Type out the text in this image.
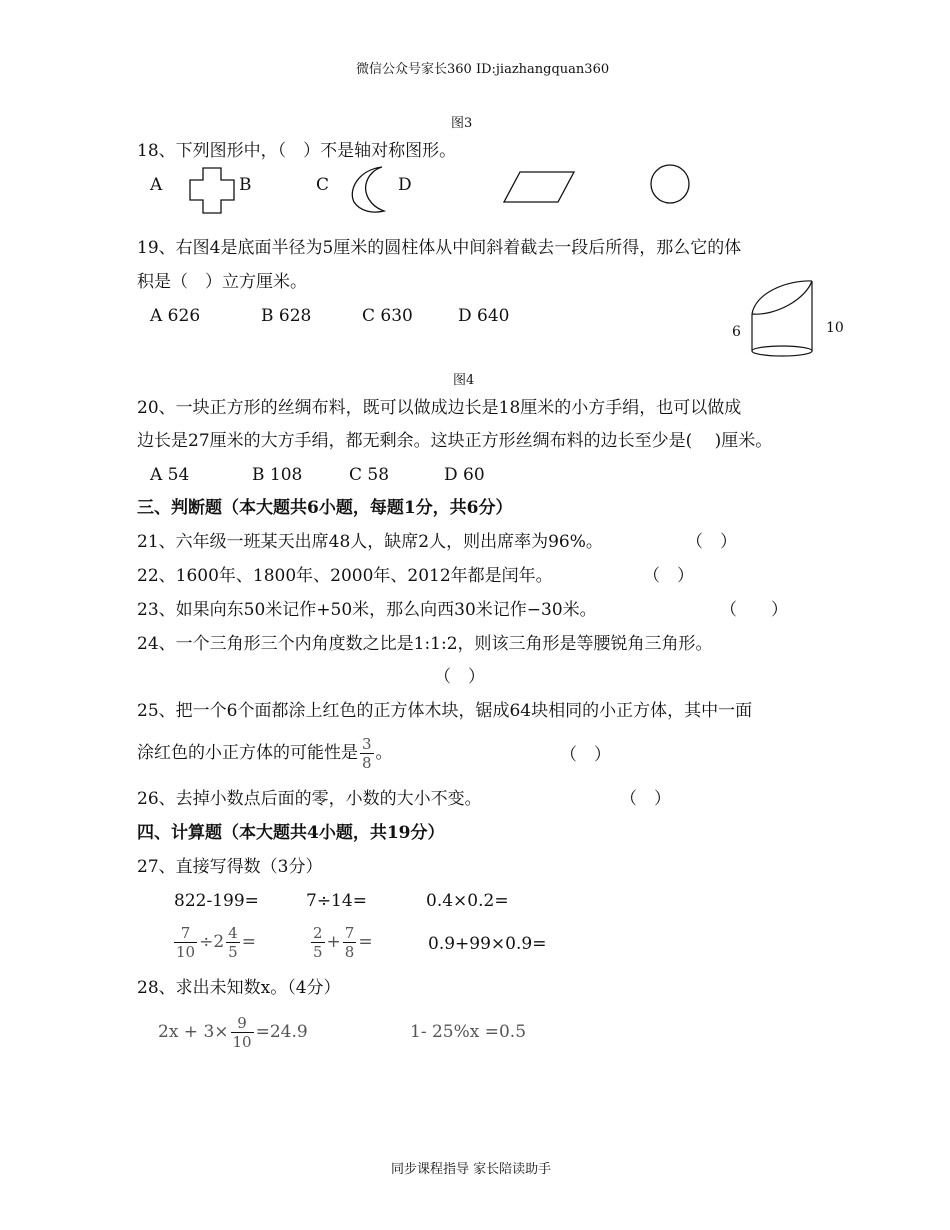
微信公众号家长360 ID:jiazhangquan360
图3
18、下列图形中，（　）不是轴对称图形。
A	B	C	D
19、右图4是底面半径为5厘米的圆柱体从中间斜着截去一段后所得，那么它的体
积是（　）立方厘米。
A 626	B 628	C 630	D 640
6	10
图4
20、一块正方形的丝绸布料，既可以做成边长是18厘米的小方手绢，也可以做成
边长是27厘米的大方手绢，都无剩余。这块正方形丝绸布料的边长至少是(　 )厘米。
A 54	B 108	C 58	D 60
三、判断题（本大题共6小题，每题1分，共6分）
21、六年级一班某天出席48人，缺席2人，则出席率为96%。	（　）
22、1600年、1800年、2000年、2012年都是闰年。	（　）
23、如果向东50米记作+50米，那么向西30米记作−30米。	（　　）
24、一个三角形三个内角度数之比是1:1:2，则该三角形是等腰锐角三角形。
（　）
25、把一个6个面都涂上红色的正方体木块，锯成64块相同的小正方体，其中一面
涂红色的小正方体的可能性是 $\frac{3}{8}$ 。	（　）
26、去掉小数点后面的零，小数的大小不变。	（　）
四、计算题（本大题共4小题，共19分）
27、直接写得数（3分）
822-199=	7÷14=	0.4×0.2=
$\frac{7}{10} \div 2 \frac{4}{5}$ =	$\frac{2}{5} + \frac{7}{8}$ =	0.9+99×0.9=
28、求出未知数x。（4分）
$2x + 3\times \frac{9}{10} =24.9$	1- 25%x =0.5
同步课程指导 家长陪读助手
